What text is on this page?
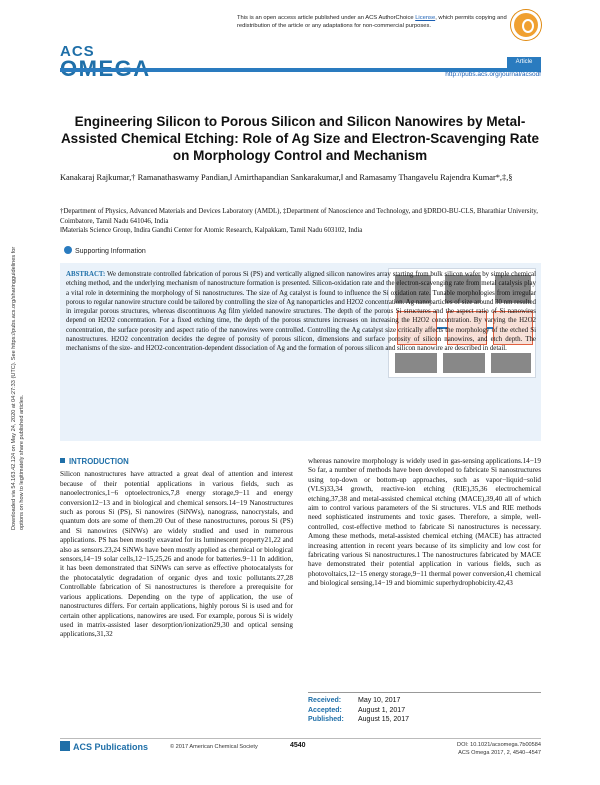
Downloaded via 54.163.42.124 on May 24, 2020 at 04:27:33 (UTC). See https://pubs.acs.org/sharingguidelines for options on how to legitimately share published articles.
This is an open access article published under an ACS AuthorChoice License, which permits copying and redistribution of the article or any adaptations for non-commercial purposes.
ACS
Article
http://pubs.acs.org/journal/acsodf
Engineering Silicon to Porous Silicon and Silicon Nanowires by Metal-Assisted Chemical Etching: Role of Ag Size and Electron-Scavenging Rate on Morphology Control and Mechanism
Kanakaraj Rajkumar,† Ramanathaswamy Pandian,‖ Amirthapandian Sankarakumar,‖ and Ramasamy Thangavelu Rajendra Kumar*,‡,§
†Department of Physics, Advanced Materials and Devices Laboratory (AMDL), ‡Department of Nanoscience and Technology, and §DRDO-BU-CLS, Bharathiar University, Coimbatore, Tamil Nadu 641046, India
‖Materials Science Group, Indira Gandhi Center for Atomic Research, Kalpakkam, Tamil Nadu 603102, India
Supporting Information
ABSTRACT: We demonstrate controlled fabrication of porous Si (PS) and vertically aligned silicon nanowires array starting from bulk silicon wafer by simple chemical etching method, and the underlying mechanism of nanostructure formation is presented. Silicon-oxidation rate and the electron-scavenging rate from metal catalysis play a vital role in determining the morphology of Si nanostructures. The size of Ag catalyst is found to influence the Si oxidation rate. Tunable morphologies from irregular porous to regular nanowire structure could be tailored by controlling the size of Ag nanoparticles and H2O2 concentration. Ag nanoparticles of size around 30 nm resulted in irregular porous structures, whereas discontinuous Ag film yielded nanowire structures. The depth of the porous Si structures and the aspect ratio of Si nanowires depend on H2O2 concentration. For a fixed etching time, the depth of the porous structures increases on increasing the H2O2 concentration. By varying the H2O2 concentration, the surface porosity and aspect ratio of the nanowires were controlled. Controlling the Ag catalyst size critically affects the morphology of the etched Si nanostructures. H2O2 concentration decides the degree of porosity of porous silicon, dimensions and surface porosity of silicon nanowires, and etch depth. The mechanisms of the size- and H2O2-concentration-dependent dissociation of Ag and the formation of porous silicon and silicon nanowire are described in detail.
INTRODUCTION
Silicon nanostructures have attracted a great deal of attention and interest because of their potential applications in various fields, such as nanoelectronics,1−6 optoelectronics,7,8 energy storage,9−11 and energy conversion12−13 and in biological and chemical sensors.14−19 Nanostructures such as porous Si (PS), Si nanowires (SiNWs), nanograss, nanocrystals, and quantum dots are some of them.20 Out of these nanostructures, porous Si (PS) and Si nanowires (SiNWs) are widely studied and used in numerous applications. PS has been mostly exavated for its luminescent property21,22 and also as sensors.23,24 SiNWs have been mostly applied as chemical or biological sensors,14−19 solar cells,12−15,25,26 and anode for batteries.9−11 In addition, it has been demonstrated that SiNWs can serve as effective photocatalysts for the photocatalytic degradation of organic dyes and toxic pollutants.27,28 Controllable fabrication of Si nanostructures is therefore a prerequisite for various applications. Depending on the type of application, the use of nanostructures differs. For certain applications, highly porous Si is used and for certain other applications, nanowires are used. For example, porous Si is widely used in matrix-assisted laser desorption/ionization29,30 and optical sensing applications,31,32
whereas nanowire morphology is widely used in gas-sensing applications.14−19 So far, a number of methods have been developed to fabricate Si nanostructures using top-down or bottom-up approaches, such as vapor−liquid−solid (VLS)33,34 growth, reactive-ion etching (RIE),35,36 electrochemical etching,37,38 and metal-assisted chemical etching (MACE),39,40 all of which aim to control various parameters of the Si structures. VLS and RIE methods need sophisticated instruments and toxic gases. Therefore, a simple, well-controlled, cost-effective method to fabricate Si nanostructures is necessary. Among these methods, metal-assisted chemical etching (MACE) has attracted increasing attention in recent years because of its simplicity and low cost for fabricating various Si nanostructures.1 The nanostructures fabricated by MACE have demonstrated their potential application in various fields, such as photovoltaics,12−15 energy storage,9−11 thermal power conversion,41 chemical and biological sensing,14−19 and biomimic superhydrophobicity.42,43
Received: May 10, 2017
Accepted: August 1, 2017
Published: August 15, 2017
ACS Publications	© 2017 American Chemical Society	4540	DOI: 10.1021/acsomega.7b00584
ACS Omega 2017, 2, 4540−4547
